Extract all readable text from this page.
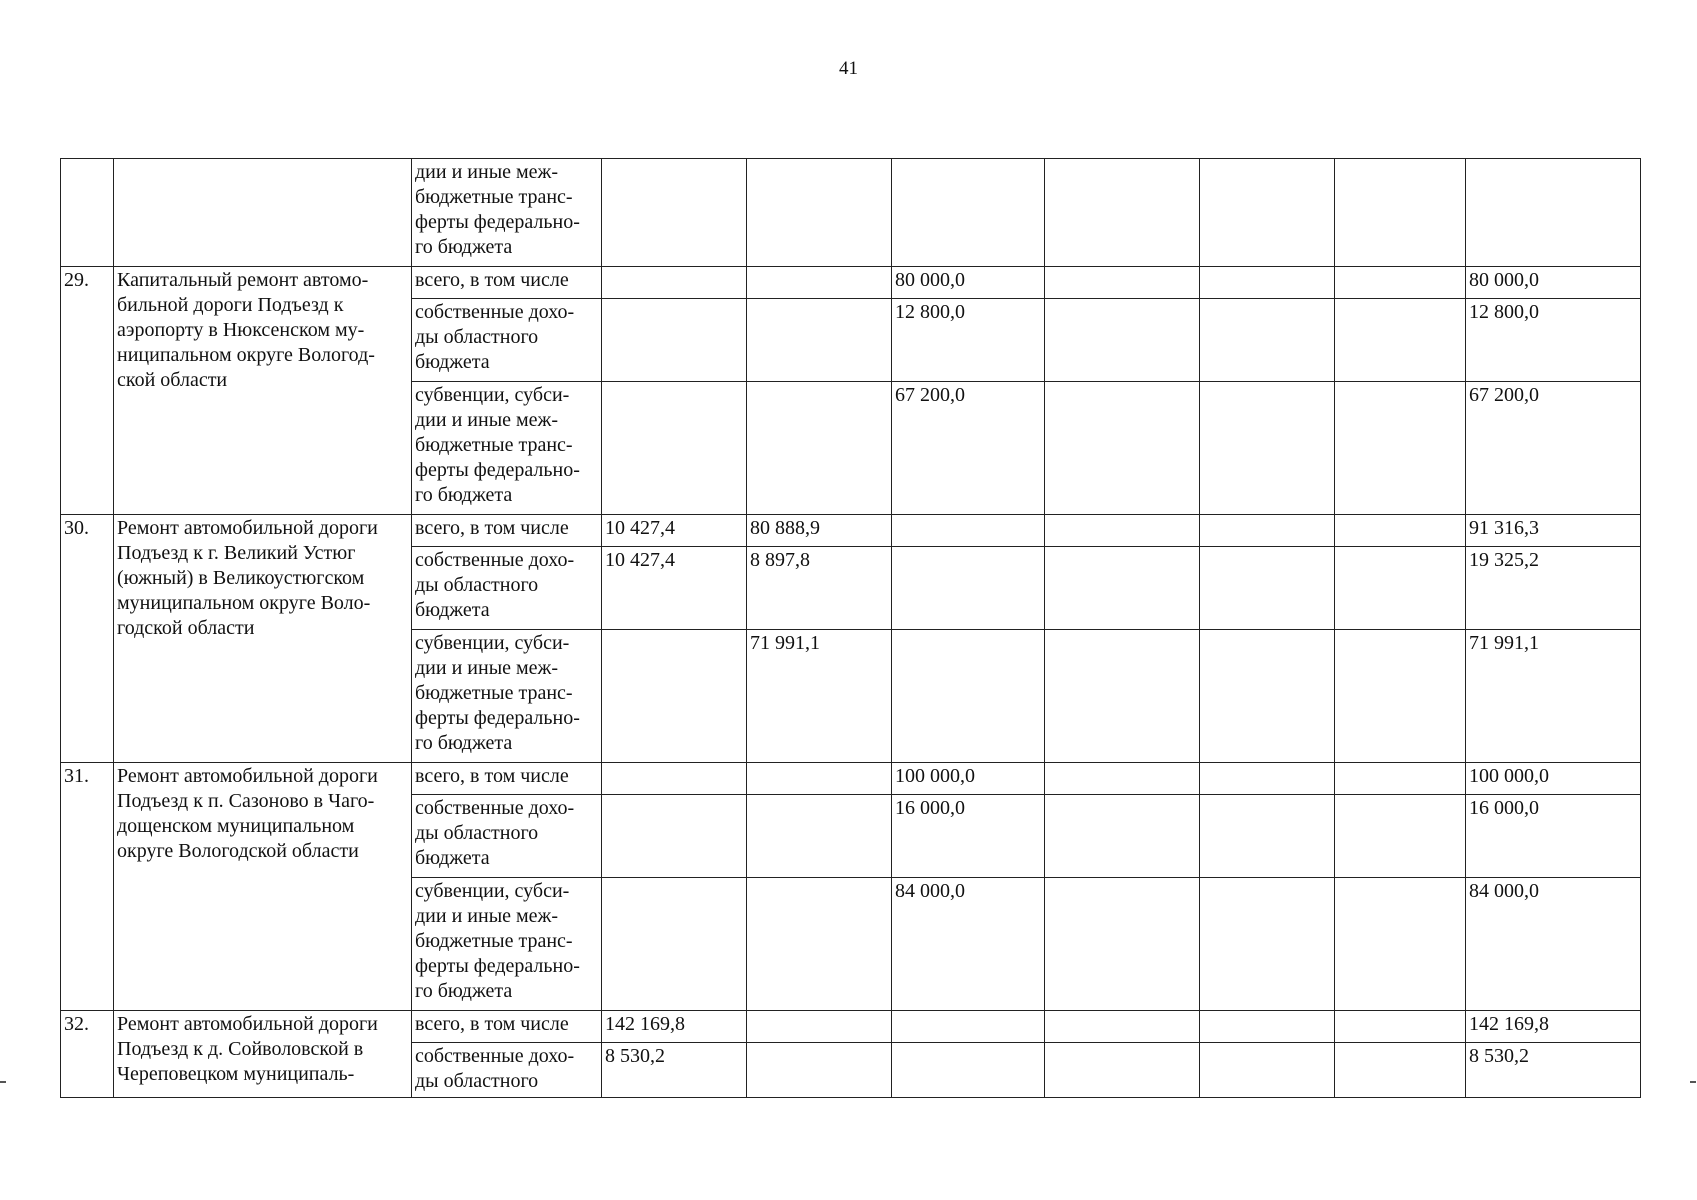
41
		дии и иные меж-
бюджетные транс-
ферты федерально-
го бюджета							
29.	Капитальный ремонт автомо-
бильной дороги Подъезд к
аэропорту в Нюксенском му-
ниципальном округе Вологод-
ской области	всего, в том числе			80 000,0				80 000,0
		собственные дохо-
ды областного
бюджета			12 800,0				12 800,0
		субвенции, субси-
дии и иные меж-
бюджетные транс-
ферты федерально-
го бюджета			67 200,0				67 200,0
30.	Ремонт автомобильной дороги
Подъезд к г. Великий Устюг
(южный) в Великоустюгском
муниципальном округе Воло-
годской области	всего, в том числе	10 427,4	80 888,9					91 316,3
		собственные дохо-
ды областного
бюджета	10 427,4	8 897,8					19 325,2
		субвенции, субси-
дии и иные меж-
бюджетные транс-
ферты федерально-
го бюджета		71 991,1					71 991,1
31.	Ремонт автомобильной дороги
Подъезд к п. Сазоново в Чаго-
дощенском муниципальном
округе Вологодской области	всего, в том числе			100 000,0				100 000,0
		собственные дохо-
ды областного
бюджета			16 000,0				16 000,0
		субвенции, субси-
дии и иные меж-
бюджетные транс-
ферты федерально-
го бюджета			84 000,0				84 000,0
32.	Ремонт автомобильной дороги
Подъезд к д. Сойволовской в
Череповецком муниципаль-	всего, в том числе	142 169,8						142 169,8
		собственные дохо-
ды областного	8 530,2						8 530,2
